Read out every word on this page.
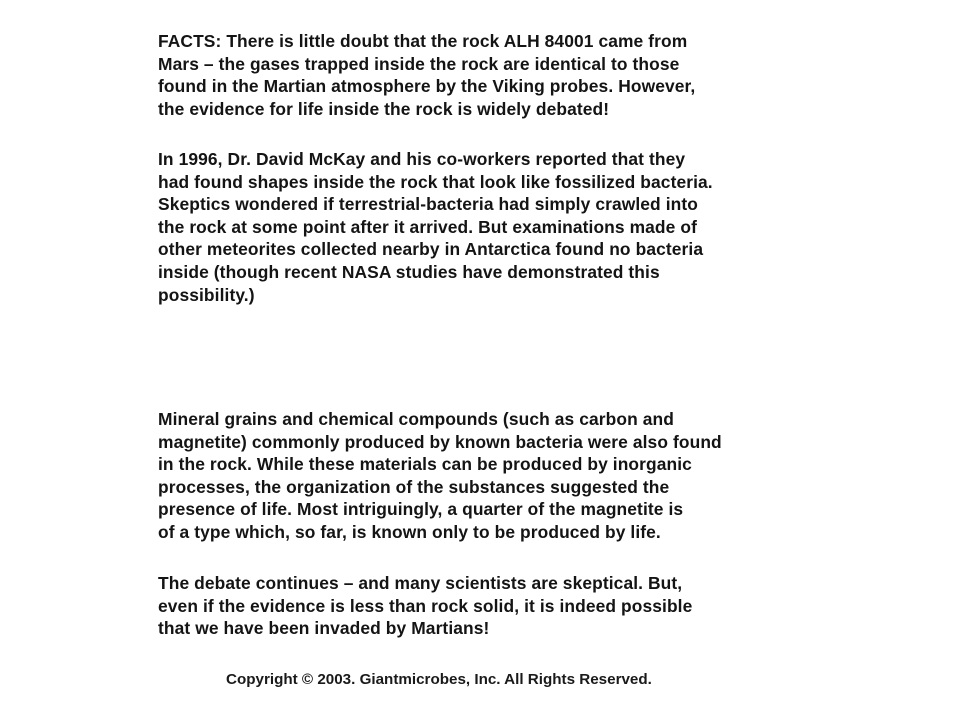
FACTS: There is little doubt that the rock ALH 84001 came from
Mars – the gases trapped inside the rock are identical to those
found in the Martian atmosphere by the Viking probes. However,
the evidence for life inside the rock is widely debated!

In 1996, Dr. David McKay and his co-workers reported that they
had found shapes inside the rock that look like fossilized bacteria.
Skeptics wondered if terrestrial-bacteria had simply crawled into
the rock at some point after it arrived. But examinations made of
other meteorites collected nearby in Antarctica found no bacteria
inside (though recent NASA studies have demonstrated this
possibility.)

Mineral grains and chemical compounds (such as carbon and
magnetite) commonly produced by known bacteria were also found
in the rock. While these materials can be produced by inorganic
processes, the organization of the substances suggested the
presence of life. Most intriguingly, a quarter of the magnetite is
of a type which, so far, is known only to be produced by life.

The debate continues – and many scientists are skeptical. But,
even if the evidence is less than rock solid, it is indeed possible
that we have been invaded by Martians!

Copyright © 2003. Giantmicrobes, Inc. All Rights Reserved.
